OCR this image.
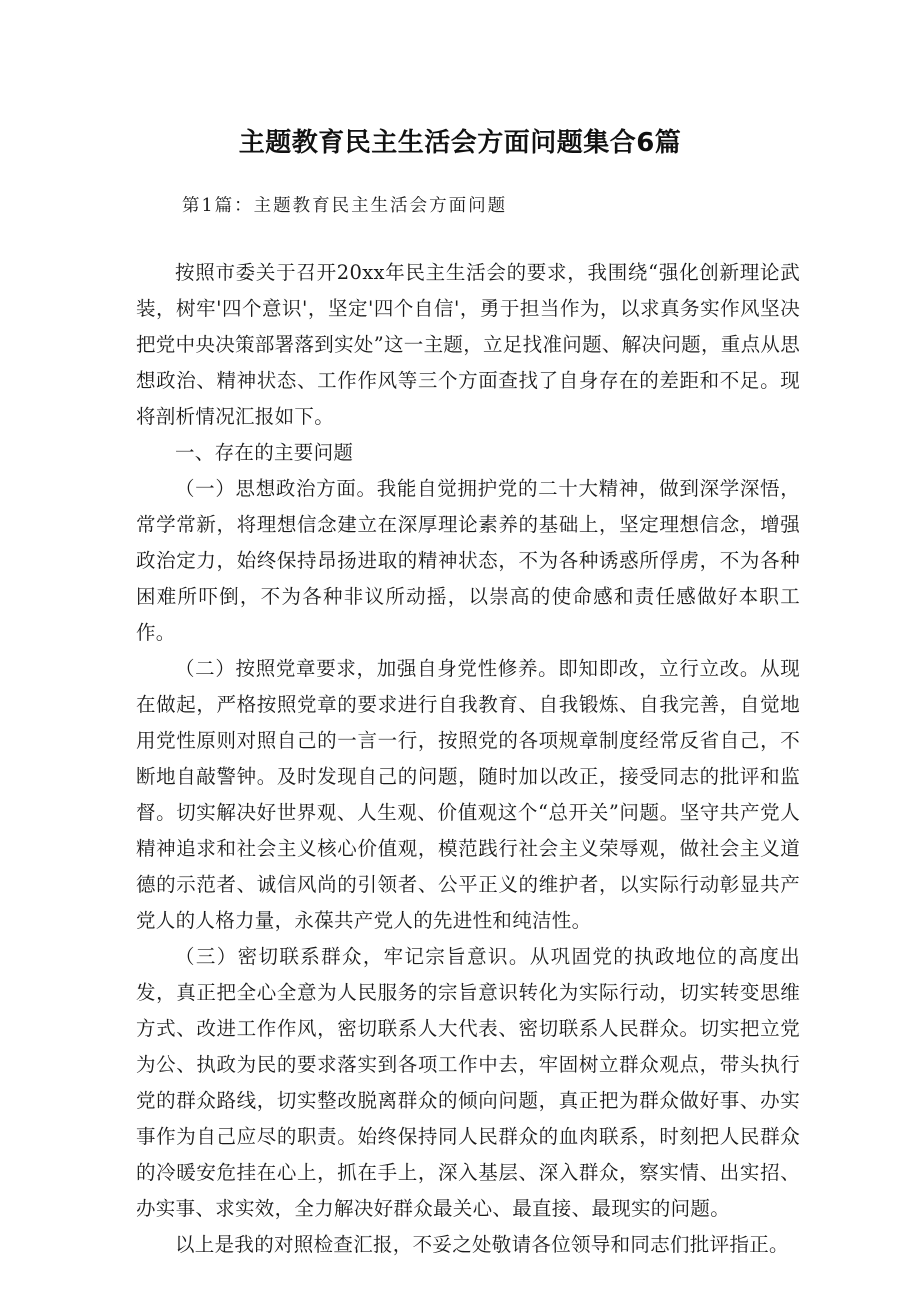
主题教育民主生活会方面问题集合6篇
第1篇：主题教育民主生活会方面问题

按照市委关于召开20xx年民主生活会的要求，我围绕“强化创新理论武装，树牢'四个意识'，坚定'四个自信'，勇于担当作为，以求真务实作风坚决把党中央决策部署落到实处”这一主题，立足找准问题、解决问题，重点从思想政治、精神状态、工作作风等三个方面查找了自身存在的差距和不足。现将剖析情况汇报如下。

一、存在的主要问题

（一）思想政治方面。我能自觉拥护党的二十大精神，做到深学深悟，常学常新，将理想信念建立在深厚理论素养的基础上，坚定理想信念，增强政治定力，始终保持昂扬进取的精神状态，不为各种诱惑所俘虏，不为各种困难所吓倒，不为各种非议所动摇，以崇高的使命感和责任感做好本职工作。

（二）按照党章要求，加强自身党性修养。即知即改，立行立改。从现在做起，严格按照党章的要求进行自我教育、自我锻炼、自我完善，自觉地用党性原则对照自己的一言一行，按照党的各项规章制度经常反省自己，不断地自敲警钟。及时发现自己的问题，随时加以改正，接受同志的批评和监督。切实解决好世界观、人生观、价值观这个“总开关”问题。坚守共产党人精神追求和社会主义核心价值观，模范践行社会主义荣辱观，做社会主义道德的示范者、诚信风尚的引领者、公平正义的维护者，以实际行动彰显共产党人的人格力量，永葆共产党人的先进性和纯洁性。

（三）密切联系群众，牢记宗旨意识。从巩固党的执政地位的高度出发，真正把全心全意为人民服务的宗旨意识转化为实际行动，切实转变思维方式、改进工作作风，密切联系人大代表、密切联系人民群众。切实把立党为公、执政为民的要求落实到各项工作中去，牢固树立群众观点，带头执行党的群众路线，切实整改脱离群众的倾向问题，真正把为群众做好事、办实事作为自己应尽的职责。始终保持同人民群众的血肉联系，时刻把人民群众的冷暖安危挂在心上，抓在手上，深入基层、深入群众，察实情、出实招、办实事、求实效，全力解决好群众最关心、最直接、最现实的问题。

以上是我的对照检查汇报，不妥之处敬请各位领导和同志们批评指正。
